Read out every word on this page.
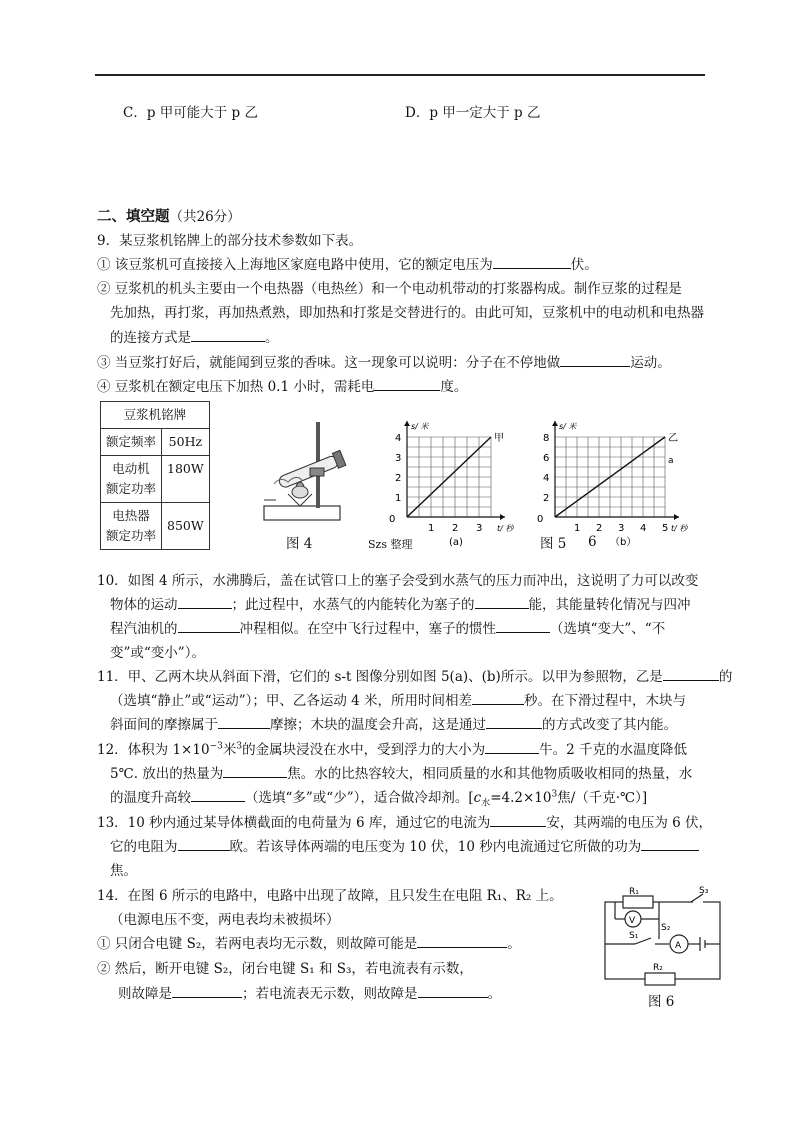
C．p 甲可能大于 p 乙	D．p 甲一定大于 p 乙
二、填空题（共26分）
9．某豆浆机铭牌上的部分技术参数如下表。
① 该豆浆机可直接接入上海地区家庭电路中使用，它的额定电压为	伏。
② 豆浆机的机头主要由一个电热器（电热丝）和一个电动机带动的打浆器构成。制作豆浆的过程是
先加热，再打浆，再加热煮熟，即加热和打浆是交替进行的。由此可知，豆浆机中的电动机和电热器
的连接方式是	。
③ 当豆浆打好后，就能闻到豆浆的香味。这一现象可以说明：分子在不停地做	运动。
④ 豆浆机在额定电压下加热 0.1 小时，需耗电	度。
豆浆机铭牌	
额定频率	50Hz
电动机
额定功率	180W
电热器
额定功率	850W
图 4	Szs 整理
1 2 3
1
2
3
4
0
s/ 米
t/ 秒
甲
(a)
1 2 3 4 5
2
4
6
8
0
s/ 米
t/ 秒
乙
（b）
a
图 5 6
10．如图 4 所示，水沸腾后，盖在试管口上的塞子会受到水蒸气的压力而冲出，这说明了力可以改变
物体的运动	；此过程中，水蒸气的内能转化为塞子的	能，其能量转化情况与四冲
程汽油机的	冲程相似。在空中飞行过程中，塞子的惯性	（选填“变大”、“不
变”或“变小”）。
11．甲、乙两木块从斜面下滑，它们的 s-t 图像分别如图 5(a)、(b)所示。以甲为参照物，乙是	的
（选填“静止”或“运动”）；甲、乙各运动 4 米，所用时间相差	秒。在下滑过程中，木块与
斜面间的摩擦属于	摩擦；木块的温度会升高，这是通过	的方式改变了其内能。
12．体积为 $1\times 10^{-3}$米$^3$的金属块浸没在水中，受到浮力的大小为	牛。2 千克的水温度降低
5℃. 放出的热量为	焦。水的比热容较大，相同质量的水和其他物质吸收相同的热量，水
的温度升高较	（选填“多”或“少”），适合做冷却剂。[$c_水=4.2\times 10^3$焦/（千克·℃）]
13．10 秒内通过某导体横截面的电荷量为 6 库，通过它的电流为	安，其两端的电压为 6 伏，
它的电阻为	欧。若该导体两端的电压变为 10 伏，10 秒内电流通过它所做的功为
焦。
14．在图 6 所示的电路中，电路中出现了故障，且只发生在电阻 R₁、R₂ 上。
（电源电压不变，两电表均未被损坏）
① 只闭合电键 S₂，若两电表均无示数，则故障可能是	。
② 然后，断开电键 S₂，闭台电键 S₁ 和 S₃，若电流表有示数，
则故障是	；若电流表无示数，则故障是	。
R₁	S₃
S₂
S₁
V
A
R₂
图 6
